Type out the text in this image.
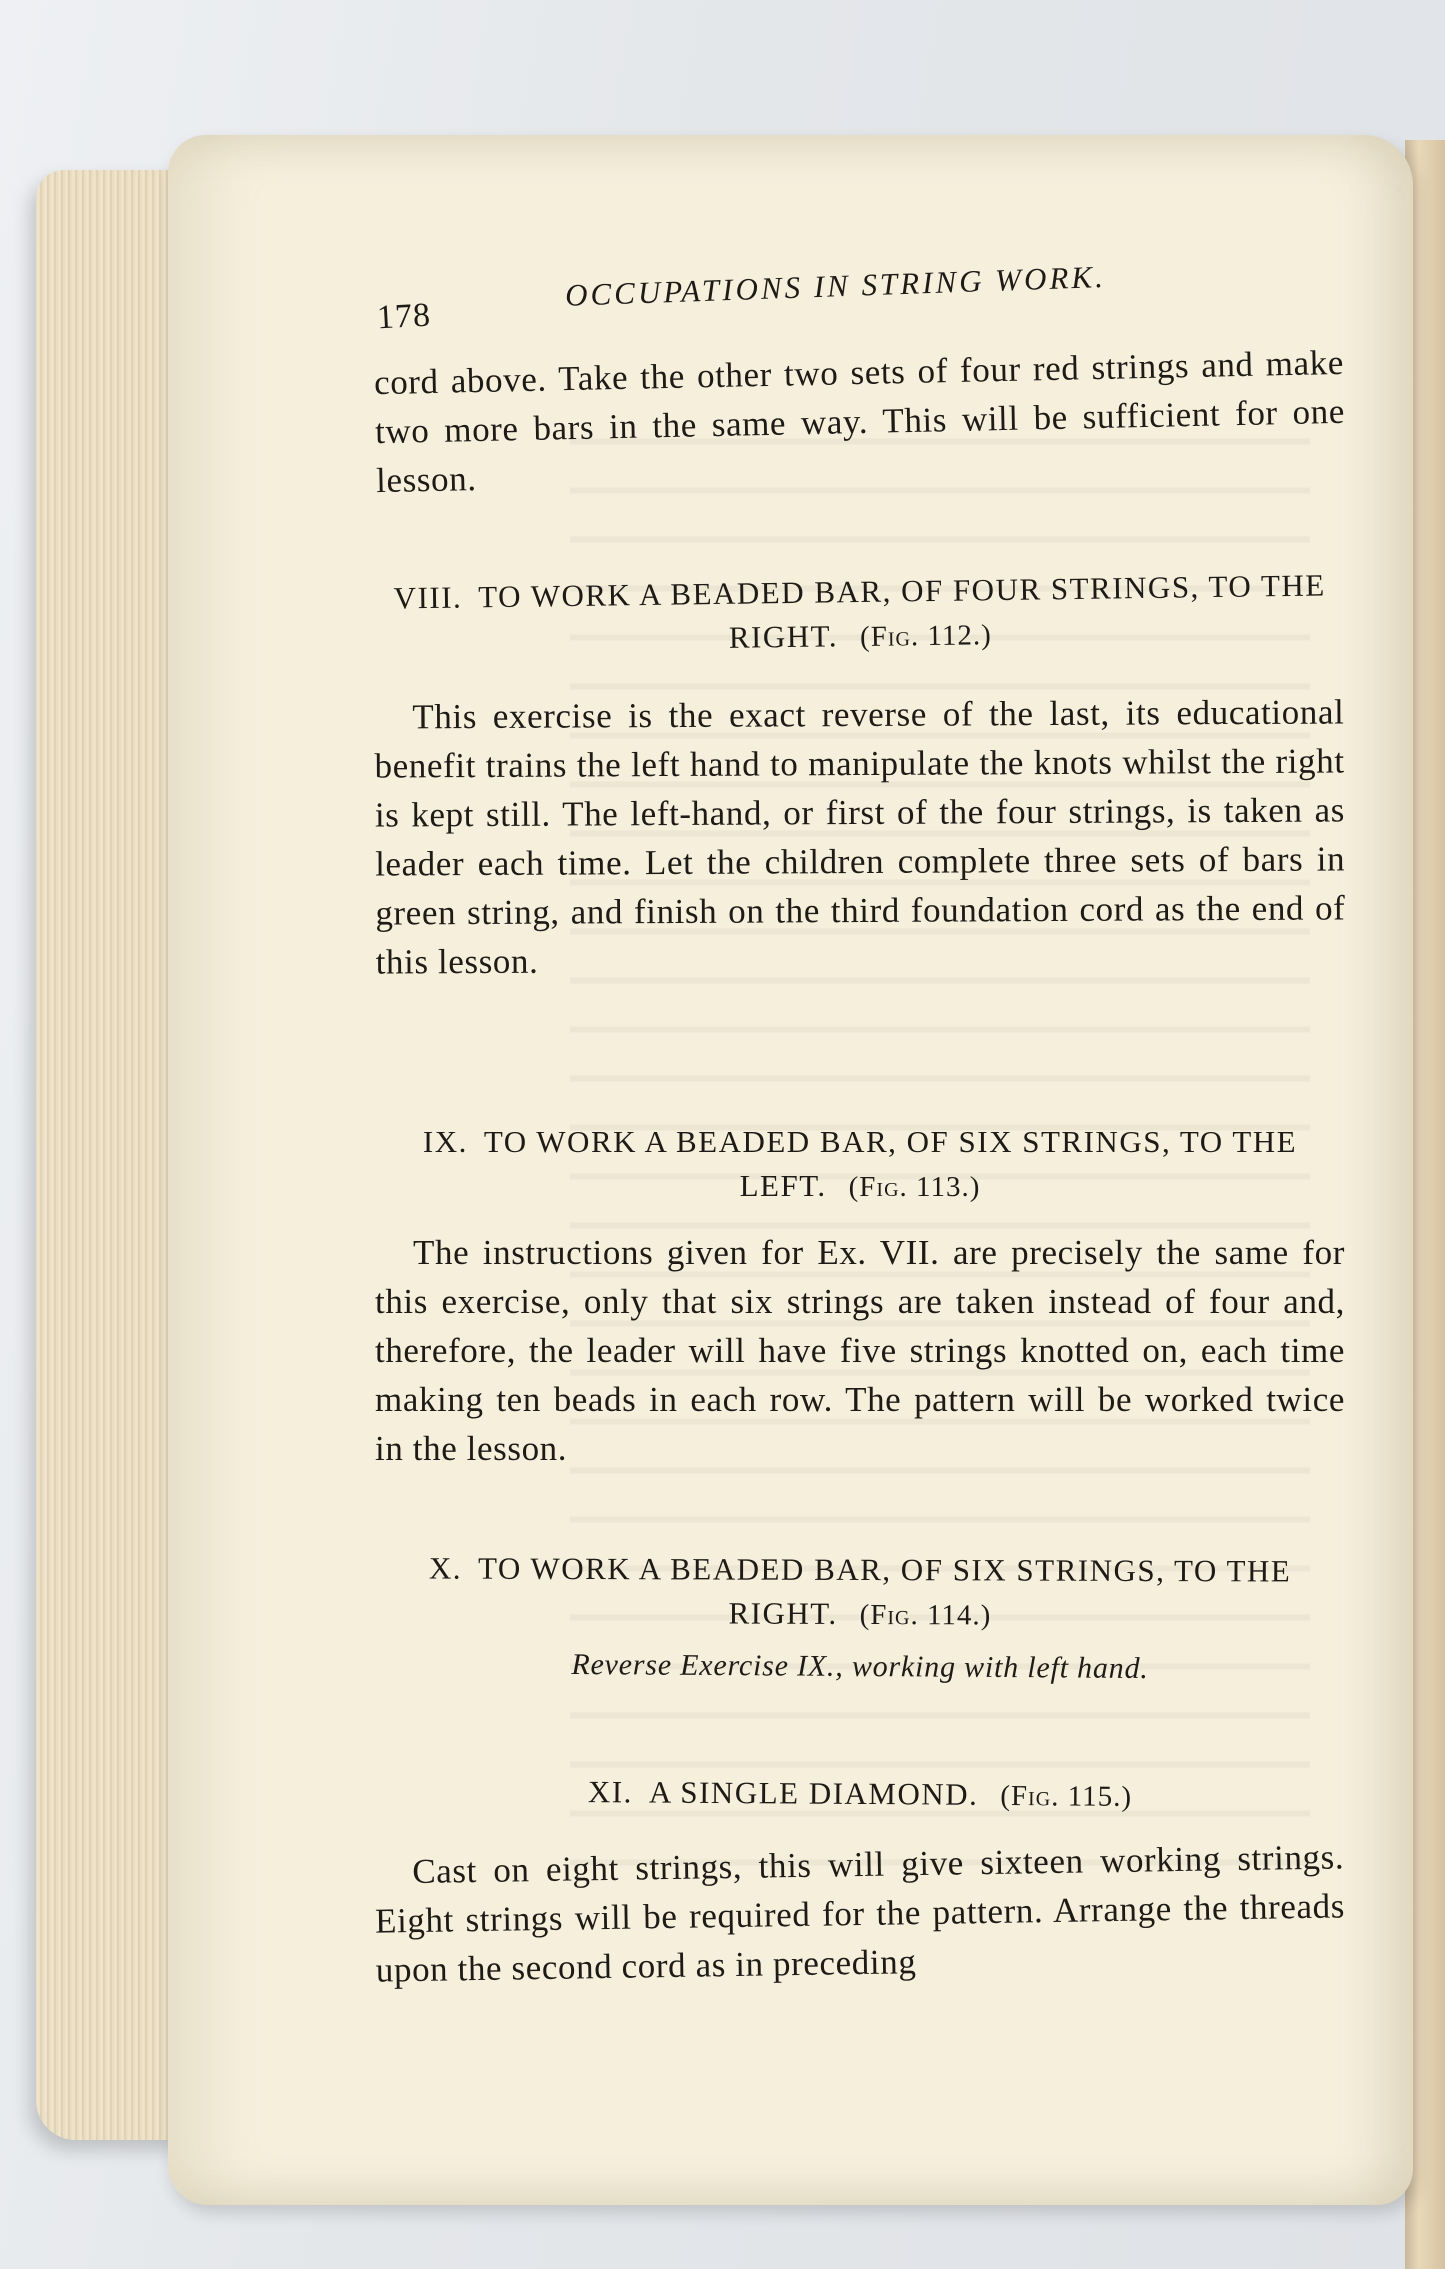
178
OCCUPATIONS IN STRING WORK.
cord above. Take the other two sets of four red strings and make two more bars in the same way. This will be sufficient for one lesson.
VIII. TO WORK A BEADED BAR, OF FOUR STRINGS, TO THE RIGHT. (Fig. 112.)
This exercise is the exact reverse of the last, its educational benefit trains the left hand to manipulate the knots whilst the right is kept still. The left-hand, or first of the four strings, is taken as leader each time. Let the children complete three sets of bars in green string, and finish on the third foundation cord as the end of this lesson.
IX. TO WORK A BEADED BAR, OF SIX STRINGS, TO THE LEFT. (Fig. 113.)
The instructions given for Ex. VII. are precisely the same for this exercise, only that six strings are taken instead of four and, therefore, the leader will have five strings knotted on, each time making ten beads in each row. The pattern will be worked twice in the lesson.
X. TO WORK A BEADED BAR, OF SIX STRINGS, TO THE RIGHT. (Fig. 114.)
Reverse Exercise IX., working with left hand.
XI. A SINGLE DIAMOND. (Fig. 115.)
Cast on eight strings, this will give sixteen working strings. Eight strings will be required for the pattern. Arrange the threads upon the second cord as in preceding
